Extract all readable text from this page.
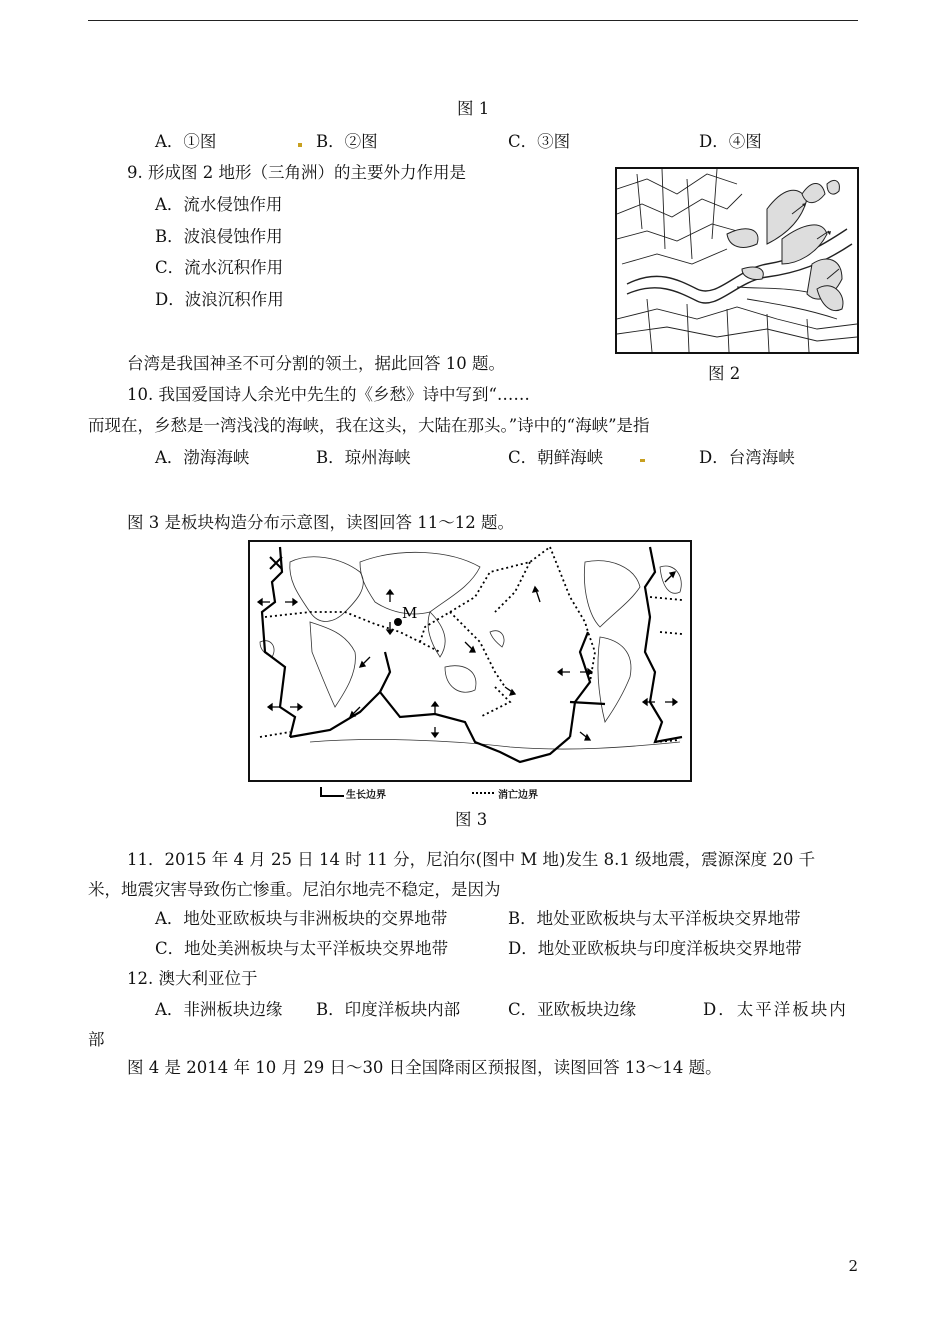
图 1
A．①图	B．②图	C．③图	D．④图
9. 形成图 2 地形（三角洲）的主要外力作用是
A．流水侵蚀作用
B．波浪侵蚀作用
C．流水沉积作用
D．波浪沉积作用
图 2
台湾是我国神圣不可分割的领土，据此回答 10 题。
10. 我国爱国诗人余光中先生的《乡愁》诗中写到“……
而现在，乡愁是一湾浅浅的海峡，我在这头，大陆在那头。”诗中的“海峡”是指
A．渤海海峡	B．琼州海峡	C．朝鲜海峡	D．台湾海峡
图 3 是板块构造分布示意图，读图回答 11～12 题。
M
生长边界	消亡边界
图 3
11．2015 年 4 月 25 日 14 时 11 分，尼泊尔(图中 M 地)发生 8.1 级地震，震源深度 20 千
米，地震灾害导致伤亡惨重。尼泊尔地壳不稳定，是因为
A．地处亚欧板块与非洲板块的交界地带	B．地处亚欧板块与太平洋板块交界地带
C．地处美洲板块与太平洋板块交界地带	D．地处亚欧板块与印度洋板块交界地带
12. 澳大利亚位于
A．非洲板块边缘 B．印度洋板块内部	C．亚欧板块边缘	D．太平洋板块内
部
图 4 是 2014 年 10 月 29 日～30 日全国降雨区预报图，读图回答 13～14 题。
2
